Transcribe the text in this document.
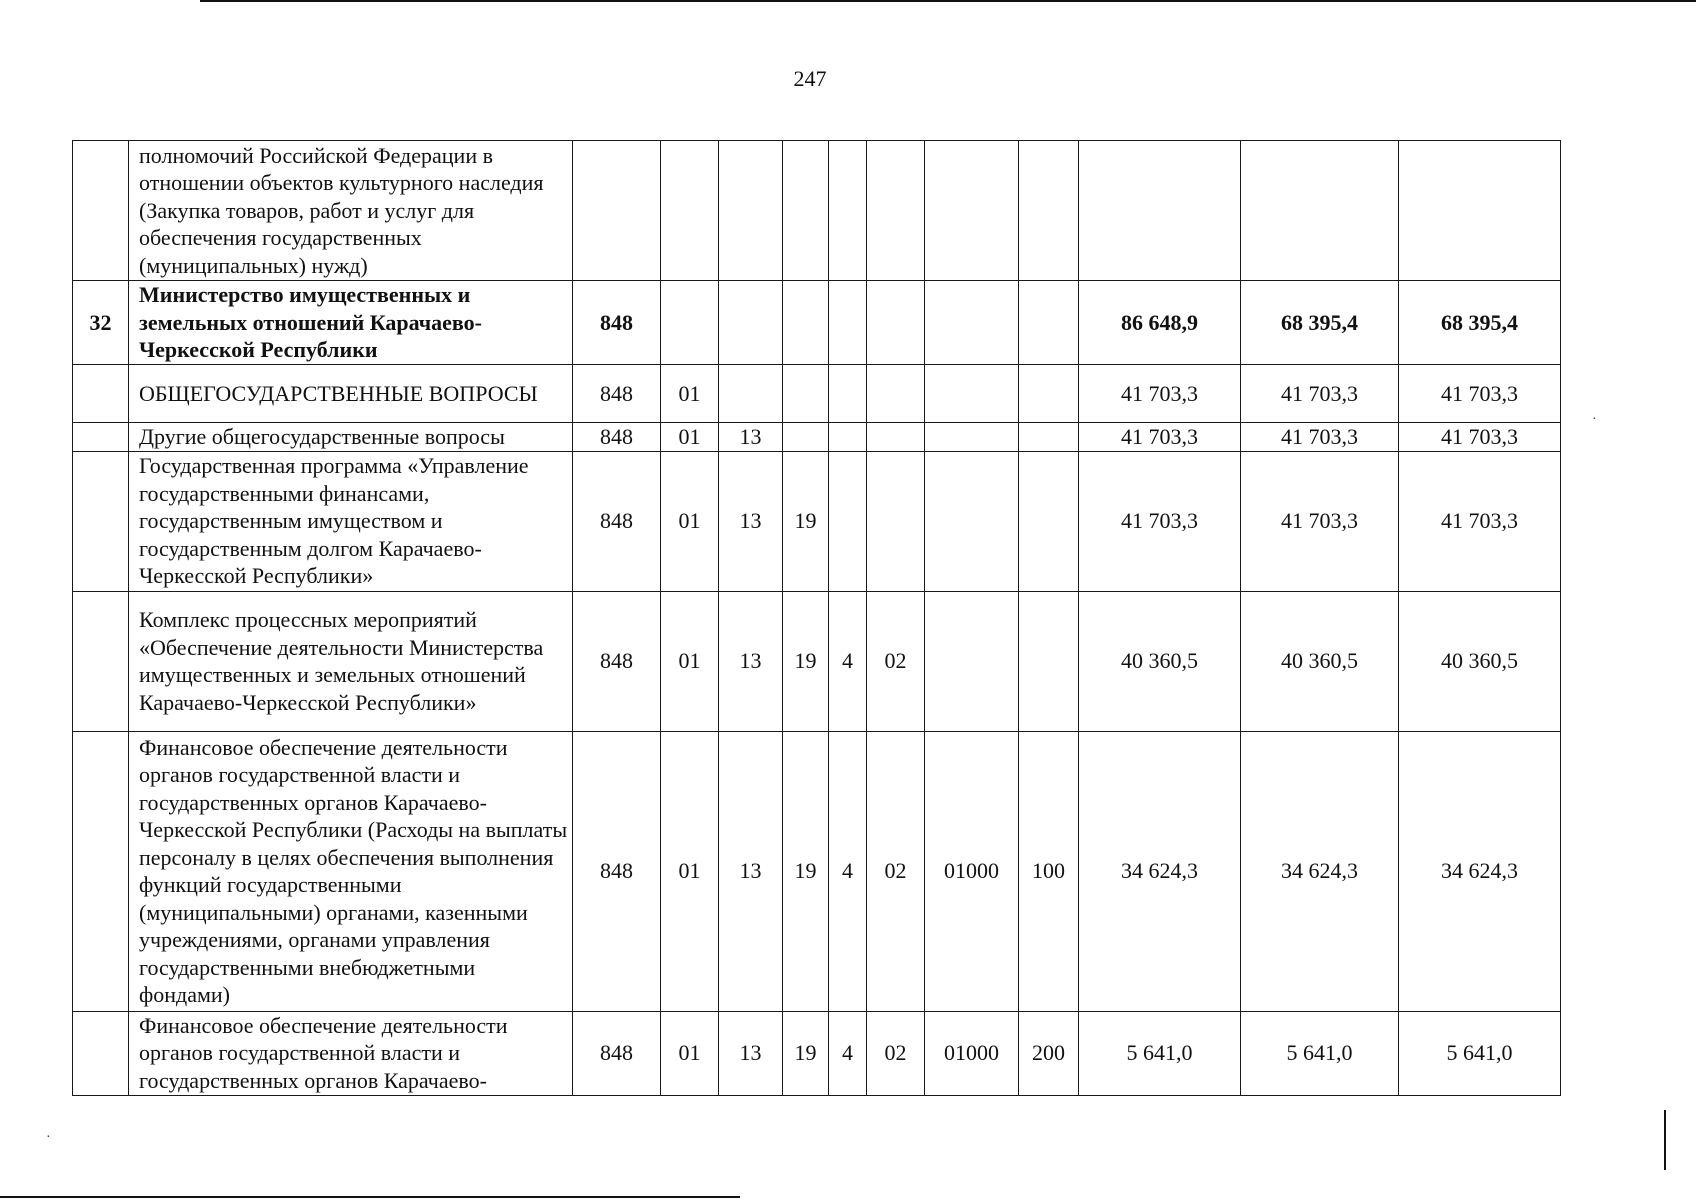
·
·
247
	полномочий Российской Федерации в отношении объектов культурного наследия (Закупка товаров, работ и услуг для обеспечения государственных (муниципальных) нужд)											
32	Министерство имущественных и земельных отношений Карачаево-Черкесской Республики	848								86 648,9	68 395,4	68 395,4
	ОБЩЕГОСУДАРСТВЕННЫЕ ВОПРОСЫ	848	01							41 703,3	41 703,3	41 703,3
	Другие общегосударственные вопросы	848	01	13						41 703,3	41 703,3	41 703,3
	Государственная программа «Управление государственными финансами, государственным имуществом и государственным долгом Карачаево-Черкесской Республики»	848	01	13	19					41 703,3	41 703,3	41 703,3
	Комплекс процессных мероприятий «Обеспечение деятельности Министерства имущественных и земельных отношений Карачаево-Черкесской Республики»	848	01	13	19	4	02			40 360,5	40 360,5	40 360,5
	Финансовое обеспечение деятельности органов государственной власти и государственных органов Карачаево-Черкесской Республики (Расходы на выплаты персоналу в целях обеспечения выполнения функций государственными (муниципальными) органами, казенными учреждениями, органами управления государственными внебюджетными фондами)	848	01	13	19	4	02	01000	100	34 624,3	34 624,3	34 624,3
	Финансовое обеспечение деятельности органов государственной власти и государственных органов Карачаево-	848	01	13	19	4	02	01000	200	5 641,0	5 641,0	5 641,0
